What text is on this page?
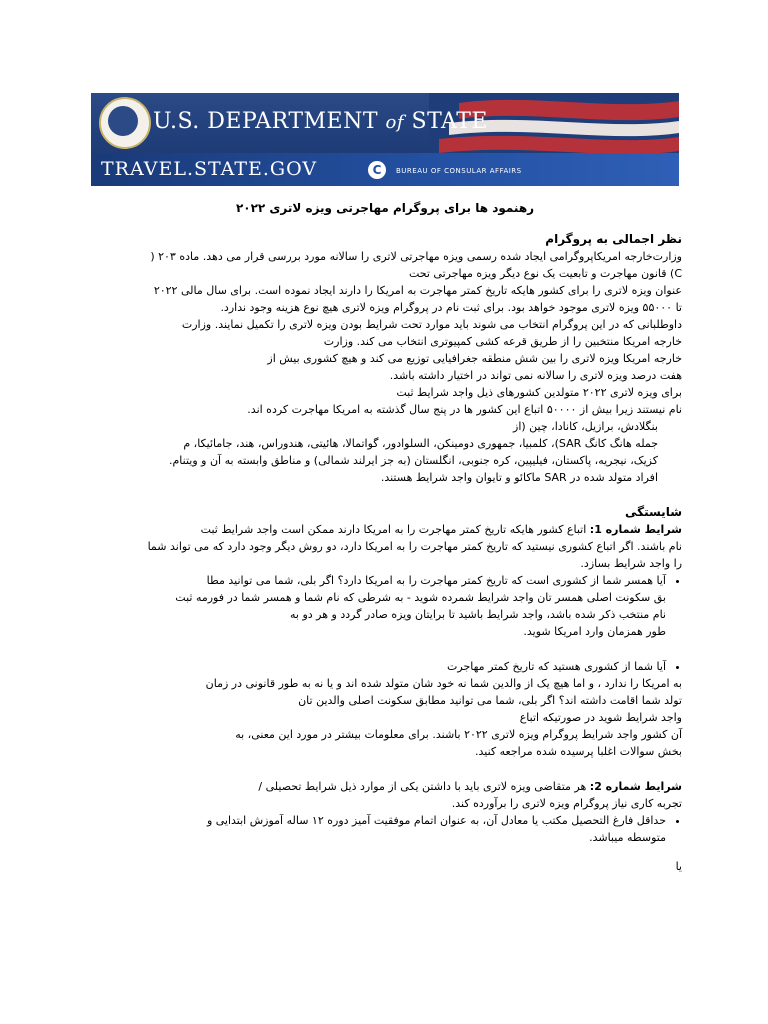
U.S. DEPARTMENT of STATE
TRAVEL.STATE.GOV	C	BUREAU OF CONSULAR AFFAIRS

رهنمود ها برای پروگرام مهاجرتی ویزه لاتری ۲۰۲۲

نظر اجمالی به پروگرام

وزارت‌خارجه امریکا‌پروگرامی ایجاد شده رسمی ویزه مهاجرتی لاتری را سالانه مورد بررسی قرار می دهد. ماده ۲۰۳ (

C) قانون مهاجرت و تابعیت یک نوع دیگر ویزه مهاجرتی تحت

عنوان ویزه لاتری را برای کشور هایکه تاریخ کمتر مهاجرت به امریکا را دارند ایجاد نموده است. برای سال مالی ۲۰۲۲

تا ۵۵۰۰۰ ویزه لاتری موجود خواهد بود. برای ثبت نام در پروگرام ویزه لاتری هیچ نوع هزینه وجود ندارد.

داوطلبانی که در این پروگرام انتخاب می شوند باید موارد تحت شرایط بودن ویزه لاتری را تکمیل نمایند. وزارت

خارجه امریکا منتخبین را از طریق قرعه کشی کمپیوتری انتخاب می کند. وزارت

خارجه امریکا ویزه لاتری را بین شش منطقه جغرافیایی توزیع می کند و هیچ کشوری بیش از

هفت درصد ویزه لاتری را سالانه نمی تواند در اختیار داشته باشد.

برای ویزه لاتری ۲۰۲۲ متولدین کشورهای ذیل واجد شرایط ثبت

نام نیستند زیرا بیش از ۵۰۰۰۰ اتباع این کشور ها در پنج سال گذشته به امریکا مهاجرت کرده اند.

بنگلادش، برازیل، کانادا، چین (از

جمله هانگ کانگ SAR)، کلمبیا، جمهوری دومینکن، السلوادور، گواتمالا، هائیتی، هندوراس، هند، جامائیکا، م

کزیک، نیجریه، پاکستان، فیلیپین، کره جنوبی، انگلستان (به جز ایرلند شمالی) و مناطق وابسته به آن و ویتنام.

افراد متولد شده در SAR ماکائو و تایوان واجد شرایط هستند.

شایستگی

شرایط شماره 1: اتباع کشور هایکه تاریخ کمتر مهاجرت را به امریکا دارند ممکن است واجد شرایط ثبت

نام باشند. اگر اتباع کشوری نیستید که تاریخ کمتر مهاجرت را به امریکا دارد، دو روش دیگر وجود دارد که می تواند شما

را واجد شرایط بسازد.

• آیا همسر شما از کشوری است که تاریخ کمتر مهاجرت را به امریکا دارد؟ اگر بلی، شما می توانید مطا
بق سکونت اصلی همسر تان واجد شرایط شمرده شوید - به شرطی که نام شما و همسر شما در فورمه ثبت
نام منتخب ذکر شده باشد، واجد شرایط باشید تا برایتان ویزه صادر گردد و هر دو به
طور همزمان وارد امریکا شوید.
• آیا شما از کشوری هستید که تاریخ کمتر مهاجرت

به امریکا را ندارد ، و اما هیچ یک از والدین شما نه خود شان متولد شده اند و یا نه به طور قانونی در زمان

تولد شما اقامت داشته اند؟ اگر بلی، شما می توانید مطابق سکونت اصلی والدین تان

واجد شرایط شوید در صورتیکه اتباع

آن کشور واجد شرایط پروگرام ویزه لاتری ۲۰۲۲ باشند. برای معلومات بیشتر در مورد این معنی، به

بخش سوالات اغلبا پرسیده شده مراجعه کنید.

شرایط شماره 2: هر متقاضی ویزه لاتری باید با داشتن یکی از موارد ذیل شرایط تحصیلی /

تجربه کاری نیاز پروگرام ویزه لاتری را برآورده کند.

• حداقل فارغ التحصیل مکتب یا معادل آن، به عنوان اتمام موفقیت آمیز دوره ۱۲ ساله آموزش ابتدایی و
متوسطه میباشد.

یا
